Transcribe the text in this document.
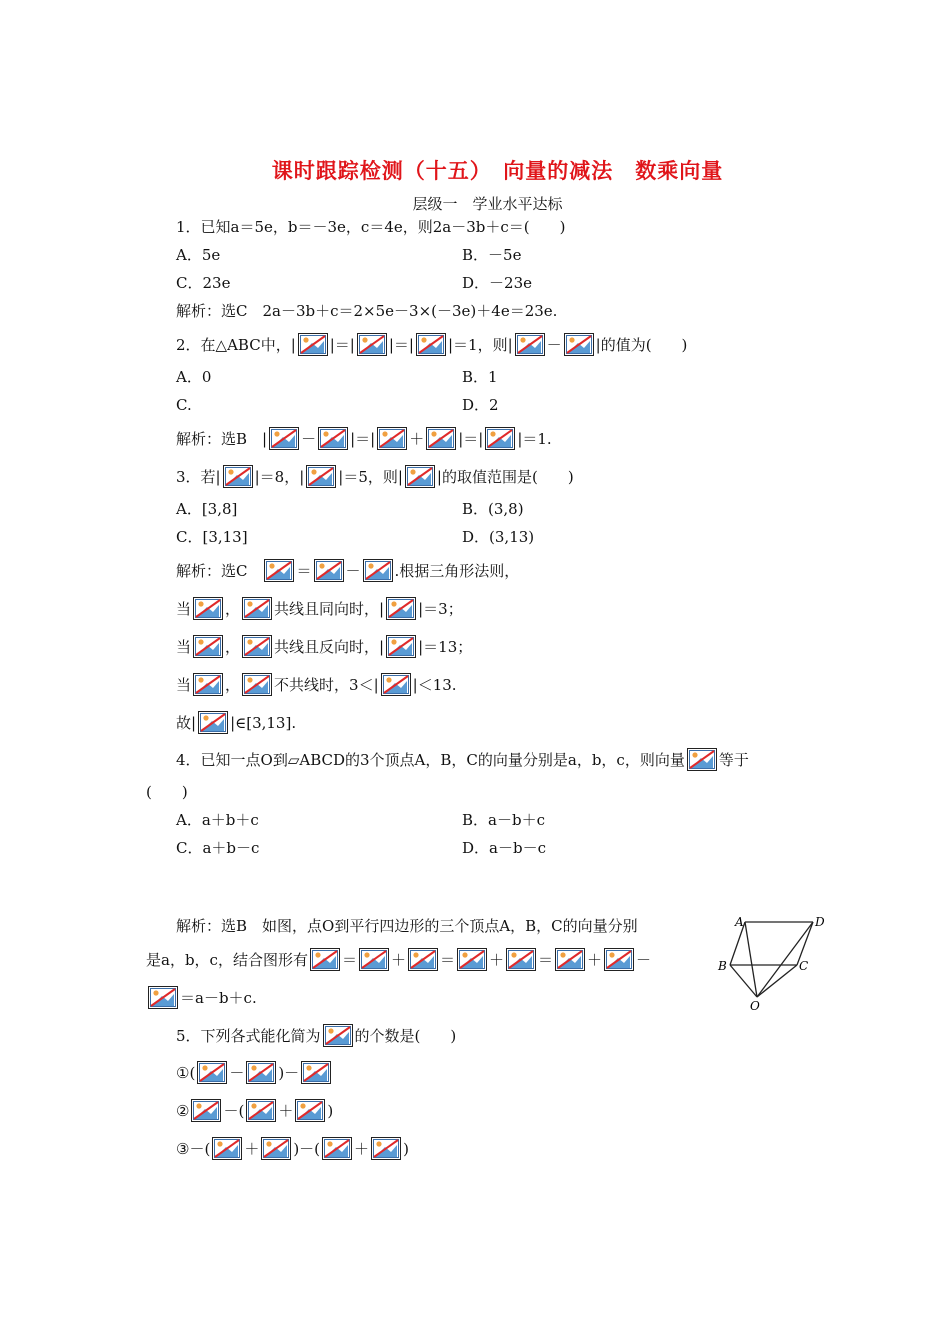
课时跟踪检测（十五）　向量的减法　数乘向量
层级一　学业水平达标
1．已知a＝5e，b＝－3e，c＝4e，则2a－3b＋c＝(　　)
A．5e	B．－5e
C．23e	D．－23e
解析：选C　2a－3b＋c＝2×5e－3×(－3e)＋4e＝23e.
2．在△ABC中，| |＝| |＝| |＝1，则| － |的值为(　　)
A．0	B．1
C.	D．2
解析：选B　| － |＝| ＋ |＝| |＝1.
3．若| |＝8，| |＝5，则| |的取值范围是(　　)
A．[3,8]	B．(3,8)
C．[3,13]	D．(3,13)
解析：选C　
＝ － .根据三角形法则，
当 ， 共线且同向时，| |＝3；
当 ， 共线且反向时，| |＝13；
当 ， 不共线时，3＜| |＜13.
故| |∈[3,13].
4．已知一点O到▱ABCD的3个顶点A，B，C的向量分别是a，b，c，则向量 等于
(　　)
A．a＋b＋c	B．a－b＋c
C．a＋b－c	D．a－b－c
解析：选B　如图，点O到平行四边形的三个顶点A，B，C的向量分别
是a，b，c，结合图形有 ＝ ＋ ＝ ＋ ＝ ＋ －
＝a－b＋c.
A	D
B	C
O
5．下列各式能化简为 的个数是(　　)
①( － )－
② －( ＋ )
③－( ＋ )－( ＋ )
